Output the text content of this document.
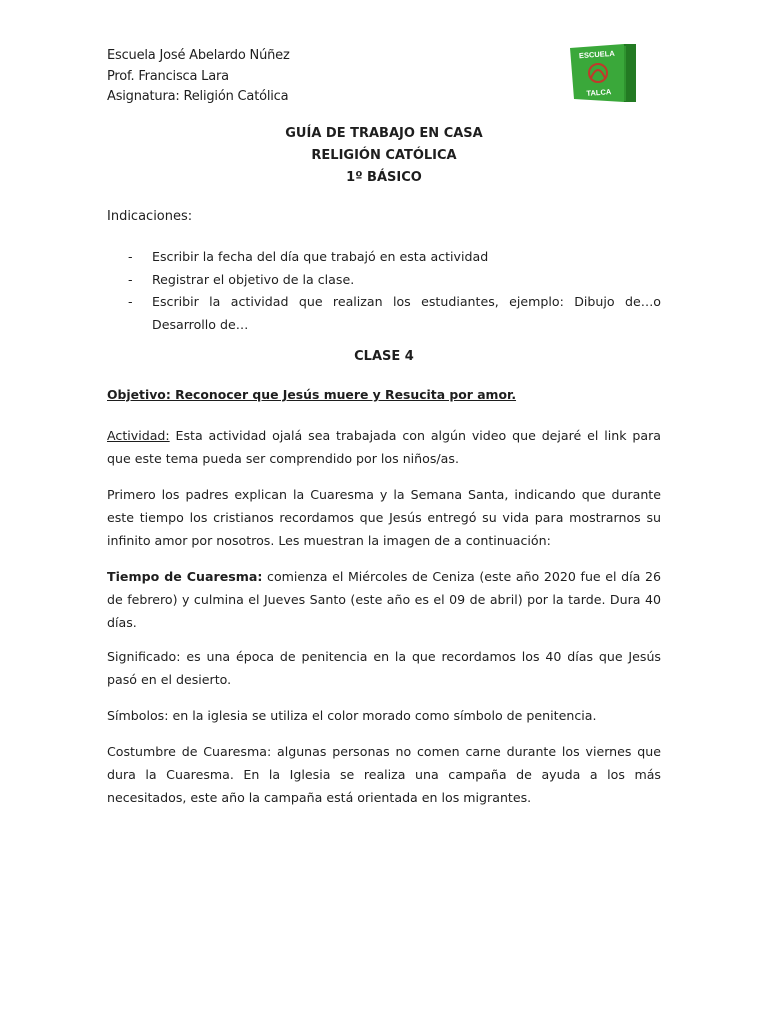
Escuela José Abelardo Núñez
Prof. Francisca Lara
Asignatura: Religión Católica
ESCUELA
TALCA
GUÍA DE TRABAJO EN CASA
RELIGIÓN CATÓLICA
1º BÁSICO
Indicaciones:
-	Escribir la fecha del día que trabajó en esta actividad
-	Registrar el objetivo de la clase.
-	Escribir la actividad que realizan los estudiantes, ejemplo: Dibujo de…o Desarrollo de…
CLASE 4
Objetivo: Reconocer que Jesús muere y Resucita por amor.
Actividad: Esta actividad ojalá sea trabajada con algún video que dejaré el link para que este tema pueda ser comprendido por los niños/as.
Primero los padres explican la Cuaresma y la Semana Santa, indicando que durante este tiempo los cristianos recordamos que Jesús entregó su vida para mostrarnos su infinito amor por nosotros. Les muestran la imagen de a continuación:
Tiempo de Cuaresma: comienza el Miércoles de Ceniza (este año 2020 fue el día 26 de febrero) y culmina el Jueves Santo (este año es el 09 de abril) por la tarde. Dura 40 días.
Significado: es una época de penitencia en la que recordamos los 40 días que Jesús pasó en el desierto.
Símbolos: en la iglesia se utiliza el color morado como símbolo de penitencia.
Costumbre de Cuaresma: algunas personas no comen carne durante los viernes que dura la Cuaresma. En la Iglesia se realiza una campaña de ayuda a los más necesitados, este año la campaña está orientada en los migrantes.
